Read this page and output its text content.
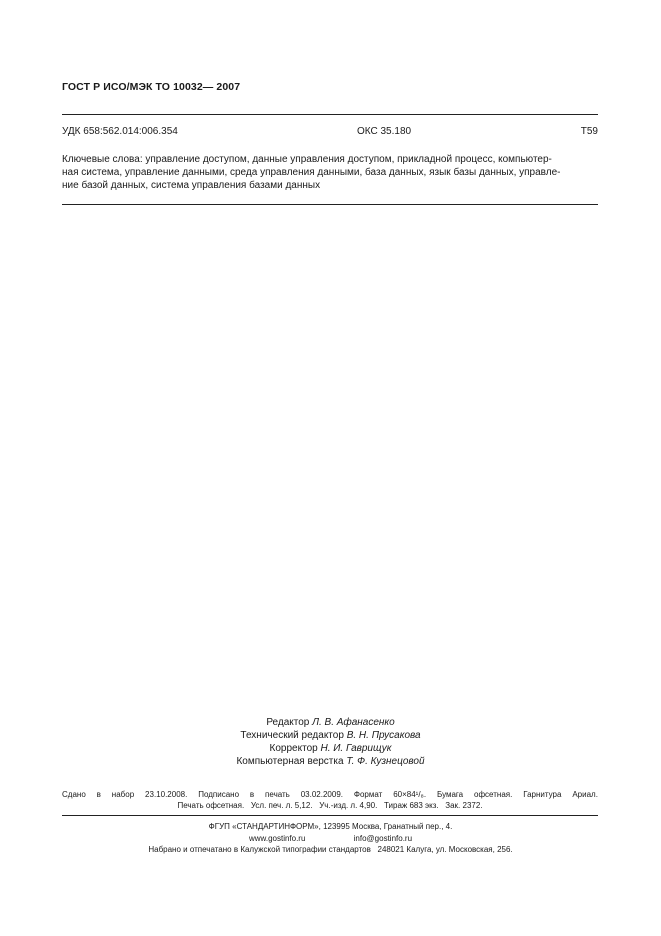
ГОСТ Р ИСО/МЭК ТО 10032— 2007
УДК 658:562.014:006.354	ОКС 35.180	Т59
Ключевые слова: управление доступом, данные управления доступом, прикладной процесс, компьютер-
ная система, управление данными, среда управления данными, база данных, язык базы данных, управле-
ние базой данных, система управления базами данных
Редактор Л. В. Афанасенко
Технический редактор В. Н. Прусакова
Корректор Н. И. Гаврищук
Компьютерная верстка Т. Ф. Кузнецовой
Сдано в набор 23.10.2008. Подписано в печать 03.02.2009. Формат 60×84¹/₈. Бумага офсетная. Гарнитура Ариал.
Печать офсетная.   Усл. печ. л. 5,12.   Уч.-изд. л. 4,90.   Тираж 683 экз.   Зак. 2372.
ФГУП «СТАНДАРТИНФОРМ», 123995 Москва, Гранатный пер., 4.
www.gostinfo.ru	info@gostinfo.ru
Набрано и отпечатано в Калужской типографии стандартов   248021 Калуга, ул. Московская, 256.
